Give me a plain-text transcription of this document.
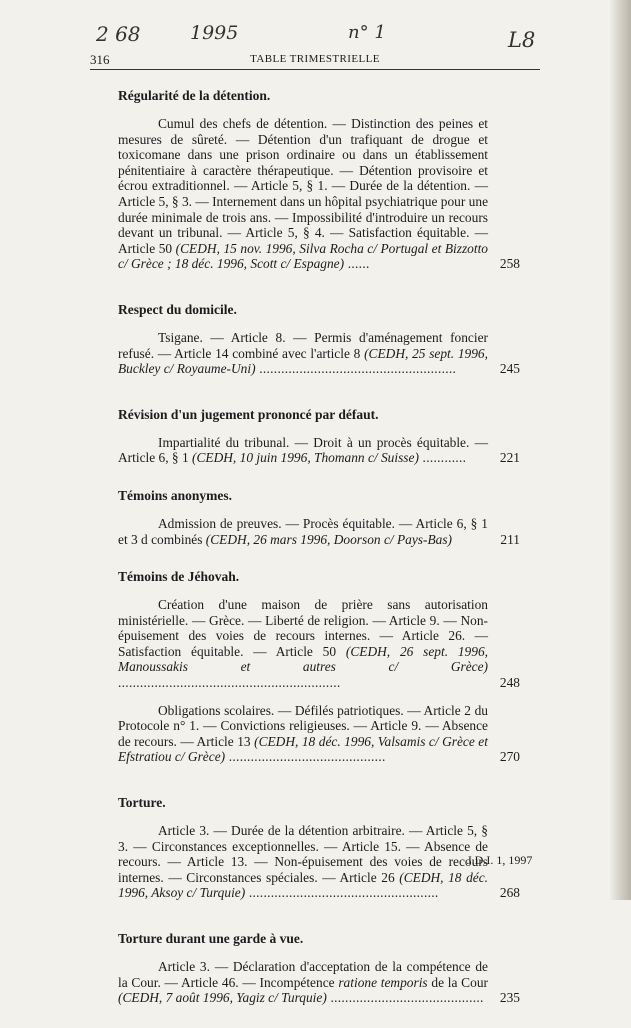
2 68	1995	n° 1	L8
316	TABLE TRIMESTRIELLE
Régularité de la détention.
Cumul des chefs de détention. — Distinction des peines et mesures de sûreté. — Détention d'un trafiquant de drogue et toxicomane dans une prison ordinaire ou dans un établissement pénitentiaire à caractère thérapeutique. — Détention provisoire et écrou extraditionnel. — Article 5, § 1. — Durée de la détention. — Article 5, § 3. — Internement dans un hôpital psychiatrique pour une durée minimale de trois ans. — Impossibilité d'introduire un recours devant un tribunal. — Article 5, § 4. — Satisfaction équitable. — Article 50 (CEDH, 15 nov. 1996, Silva Rocha c/ Portugal et Bizzotto c/ Grèce ; 18 déc. 1996, Scott c/ Espagne) ......	258
Respect du domicile.
Tsigane. — Article 8. — Permis d'aménagement foncier refusé. — Article 14 combiné avec l'article 8 (CEDH, 25 sept. 1996, Buckley c/ Royaume-Uni) ......................................................	245
Révision d'un jugement prononcé par défaut.
Impartialité du tribunal. — Droit à un procès équitable. — Article 6, § 1 (CEDH, 10 juin 1996, Thomann c/ Suisse) ............	221
Témoins anonymes.
Admission de preuves. — Procès équitable. — Article 6, § 1 et 3 d combinés (CEDH, 26 mars 1996, Doorson c/ Pays-Bas)	211
Témoins de Jéhovah.
Création d'une maison de prière sans autorisation ministérielle. — Grèce. — Liberté de religion. — Article 9. — Non-épuisement des voies de recours internes. — Article 26. — Satisfaction équitable. — Article 50 (CEDH, 26 sept. 1996, Manoussakis et autres c/ Grèce) .............................................................	248
Obligations scolaires. — Défilés patriotiques. — Article 2 du Protocole n° 1. — Convictions religieuses. — Article 9. — Absence de recours. — Article 13 (CEDH, 18 déc. 1996, Valsamis c/ Grèce et Efstratiou c/ Grèce) ...........................................	270
Torture.
Article 3. — Durée de la détention arbitraire. — Article 5, § 3. — Circonstances exceptionnelles. — Article 15. — Absence de recours. — Article 13. — Non-épuisement des voies de recours internes. — Circonstances spéciales. — Article 26 (CEDH, 18 déc. 1996, Aksoy c/ Turquie) ....................................................	268
Torture durant une garde à vue.
Article 3. — Déclaration d'acceptation de la compétence de la Cour. — Article 46. — Incompétence ratione temporis de la Cour (CEDH, 7 août 1996, Yagiz c/ Turquie) ..........................................	235
J.D.I. 1, 1997
